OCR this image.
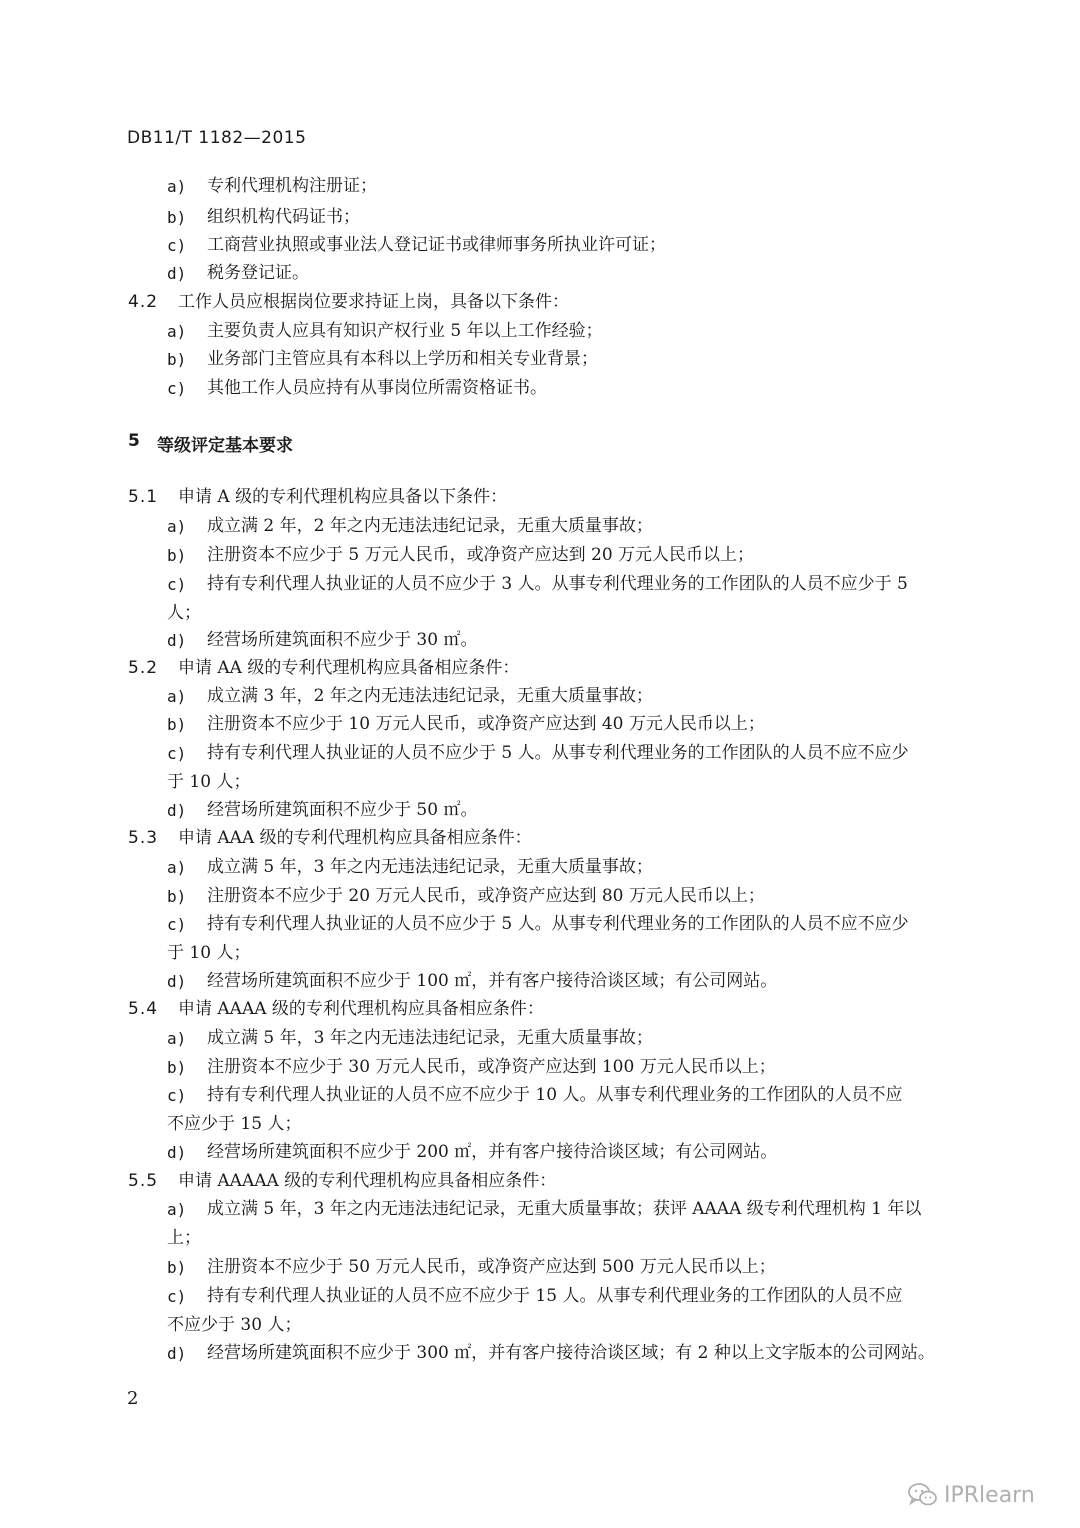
DB11/T 1182—2015
a) 专利代理机构注册证；
b) 组织机构代码证书；
c) 工商营业执照或事业法人登记证书或律师事务所执业许可证；
d) 税务登记证。
4.2 工作人员应根据岗位要求持证上岗，具备以下条件：
a) 主要负责人应具有知识产权行业 5 年以上工作经验；
b) 业务部门主管应具有本科以上学历和相关专业背景；
c) 其他工作人员应持有从事岗位所需资格证书。
5 等级评定基本要求
5.1 申请 A 级的专利代理机构应具备以下条件：
a) 成立满 2 年，2 年之内无违法违纪记录，无重大质量事故；
b) 注册资本不应少于 5 万元人民币，或净资产应达到 20 万元人民币以上；
c) 持有专利代理人执业证的人员不应少于 3 人。从事专利代理业务的工作团队的人员不应少于 5
人；
d) 经营场所建筑面积不应少于 30 ㎡。
5.2 申请 AA 级的专利代理机构应具备相应条件：
a) 成立满 3 年，2 年之内无违法违纪记录，无重大质量事故；
b) 注册资本不应少于 10 万元人民币，或净资产应达到 40 万元人民币以上；
c) 持有专利代理人执业证的人员不应少于 5 人。从事专利代理业务的工作团队的人员不应不应少
于 10 人；
d) 经营场所建筑面积不应少于 50 ㎡。
5.3 申请 AAA 级的专利代理机构应具备相应条件：
a) 成立满 5 年，3 年之内无违法违纪记录，无重大质量事故；
b) 注册资本不应少于 20 万元人民币，或净资产应达到 80 万元人民币以上；
c) 持有专利代理人执业证的人员不应少于 5 人。从事专利代理业务的工作团队的人员不应不应少
于 10 人；
d) 经营场所建筑面积不应少于 100 ㎡，并有客户接待洽谈区域；有公司网站。
5.4 申请 AAAA 级的专利代理机构应具备相应条件：
a) 成立满 5 年，3 年之内无违法违纪记录，无重大质量事故；
b) 注册资本不应少于 30 万元人民币，或净资产应达到 100 万元人民币以上；
c) 持有专利代理人执业证的人员不应不应少于 10 人。从事专利代理业务的工作团队的人员不应
不应少于 15 人；
d) 经营场所建筑面积不应少于 200 ㎡，并有客户接待洽谈区域；有公司网站。
5.5 申请 AAAAA 级的专利代理机构应具备相应条件：
a) 成立满 5 年，3 年之内无违法违纪记录，无重大质量事故；获评 AAAA 级专利代理机构 1 年以
上；
b) 注册资本不应少于 50 万元人民币，或净资产应达到 500 万元人民币以上；
c) 持有专利代理人执业证的人员不应不应少于 15 人。从事专利代理业务的工作团队的人员不应
不应少于 30 人；
d) 经营场所建筑面积不应少于 300 ㎡，并有客户接待洽谈区域；有 2 种以上文字版本的公司网站。
2
IPRlearn
